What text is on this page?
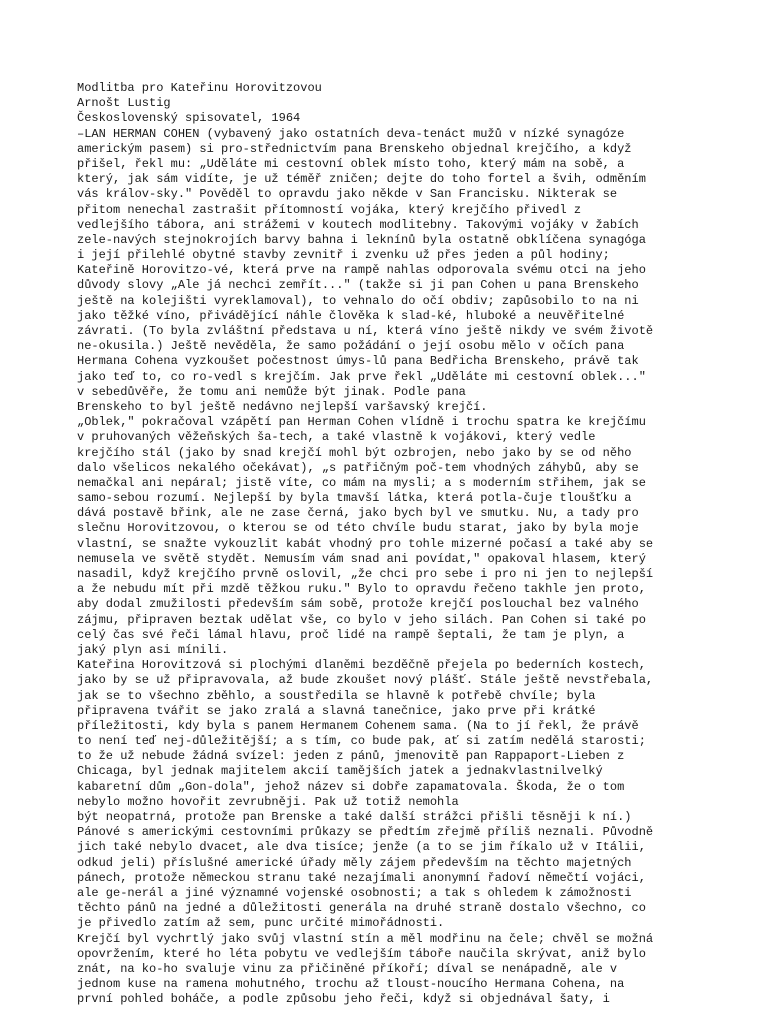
Modlitba pro Kateřinu Horovitzovou
Arnošt Lustig
Československý spisovatel, 1964
–LAN HERMAN COHEN (vybavený jako ostatních deva-tenáct mužů v nízké synagóze
americkým pasem) si pro-střednictvím pana Brenskeho objednal krejčího, a když
přišel, řekl mu: „Uděláte mi cestovní oblek místo toho, který mám na sobě, a
který, jak sám vidíte, je už téměř zničen; dejte do toho fortel a švih, odměním
vás králov-sky." Pověděl to opravdu jako někde v San Francisku. Nikterak se
přitom nenechal zastrašit přítomností vojáka, který krejčího přivedl z
vedlejšího tábora, ani strážemi v koutech modlitebny. Takovými vojáky v žabích
zele-navých stejnokrojích barvy bahna i leknínů byla ostatně obklíčena synagóga
i její přilehlé obytné stavby zevnitř i zvenku už přes jeden a půl hodiny;
Kateřině Horovitzo-vé, která prve na rampě nahlas odporovala svému otci na jeho
důvody slovy „Ale já nechci zemřít..." (takže si ji pan Cohen u pana Brenskeho
ještě na kolejišti vyreklamoval), to vehnalo do očí obdiv; zapůsobilo to na ni
jako těžké víno, přivádějící náhle člověka k slad-ké, hluboké a neuvěřitelné
závrati. (To byla zvláštní představa u ní, která víno ještě nikdy ve svém životě
ne-okusila.) Ještě nevěděla, že samo požádání o její osobu mělo v očích pana
Hermana Cohena vyzkoušet počestnost úmys-lů pana Bedřicha Brenskeho, právě tak
jako teď to, co ro-vedl s krejčím. Jak prve řekl „Uděláte mi cestovní oblek..."
v sebedůvěře, že tomu ani nemůže být jinak. Podle pana
Brenskeho to byl ještě nedávno nejlepší varšavský krejčí.
„Oblek," pokračoval vzápětí pan Herman Cohen vlídně i trochu spatra ke krejčímu
v pruhovaných věžeňských ša-tech, a také vlastně k vojákovi, který vedle
krejčího stál (jako by snad krejčí mohl být ozbrojen, nebo jako by se od něho
dalo všelicos nekalého očekávat), „s patřičným poč-tem vhodných záhybů, aby se
nemačkal ani nepáral; jistě víte, co mám na mysli; a s moderním střihem, jak se
samo-sebou rozumí. Nejlepší by byla tmavší látka, která potla-čuje tloušťku a
dává postavě břink, ale ne zase černá, jako bych byl ve smutku. Nu, a tady pro
slečnu Horovitzovou, o kterou se od této chvíle budu starat, jako by byla moje
vlastní, se snažte vykouzlit kabát vhodný pro tohle mizerné počasí a také aby se
nemusela ve světě stydět. Nemusím vám snad ani povídat," opakoval hlasem, který
nasadil, když krejčího prvně oslovil, „že chci pro sebe i pro ni jen to nejlepší
a že nebudu mít při mzdě těžkou ruku." Bylo to opravdu řečeno takhle jen proto,
aby dodal zmužilosti především sám sobě, protože krejčí poslouchal bez valného
zájmu, připraven beztak udělat vše, co bylo v jeho silách. Pan Cohen si také po
celý čas své řeči lámal hlavu, proč lidé na rampě šeptali, že tam je plyn, a
jaký plyn asi mínili.
Kateřina Horovitzová si plochými dlaněmi bezděčně přejela po bederních kostech,
jako by se už připravovala, až bude zkoušet nový plášť. Stále ještě nevstřebala,
jak se to všechno zběhlo, a soustředila se hlavně k potřebě chvíle; byla
připravena tvářit se jako zralá a slavná tanečnice, jako prve při krátké
příležitosti, kdy byla s panem Hermanem Cohenem sama. (Na to jí řekl, že právě
to není teď nej-důležitější; a s tím, co bude pak, ať si zatím nedělá starosti;
to že už nebude žádná svízel: jeden z pánů, jmenovitě pan Rappaport-Lieben z
Chicaga, byl jednak majitelem akcií tamějších jatek a jednakvlastnilvelký
kabaretní dům „Gon-dola", jehož název si dobře zapamatovala. Škoda, že o tom
nebylo možno hovořit zevrubněji. Pak už totiž nemohla
být neopatrná, protože pan Brenske a také další strážci přišli těsněji k ní.)
Pánové s americkými cestovními průkazy se předtím zřejmě příliš neznali. Původně
jich také nebylo dvacet, ale dva tisíce; jenže (a to se jim říkalo už v Itálii,
odkud jeli) příslušné americké úřady měly zájem především na těchto majetných
pánech, protože německou stranu také nezajímali anonymní řadoví němečtí vojáci,
ale ge-nerál a jiné významné vojenské osobnosti; a tak s ohledem k zámožnosti
těchto pánů na jedné a důležitosti generála na druhé straně dostalo všechno, co
je přivedlo zatím až sem, punc určité mimořádnosti.
Krejčí byl vychrtlý jako svůj vlastní stín a měl modřinu na čele; chvěl se možná
opovržením, které ho léta pobytu ve vedlejším táboře naučila skrývat, aniž bylo
znát, na ko-ho svaluje vinu za přičiněné příkoří; díval se nenápadně, ale v
jednom kuse na ramena mohutného, trochu až tloust-noucího Hermana Cohena, na
první pohled boháče, a podle způsobu jeho řeči, když si objednával šaty, i
